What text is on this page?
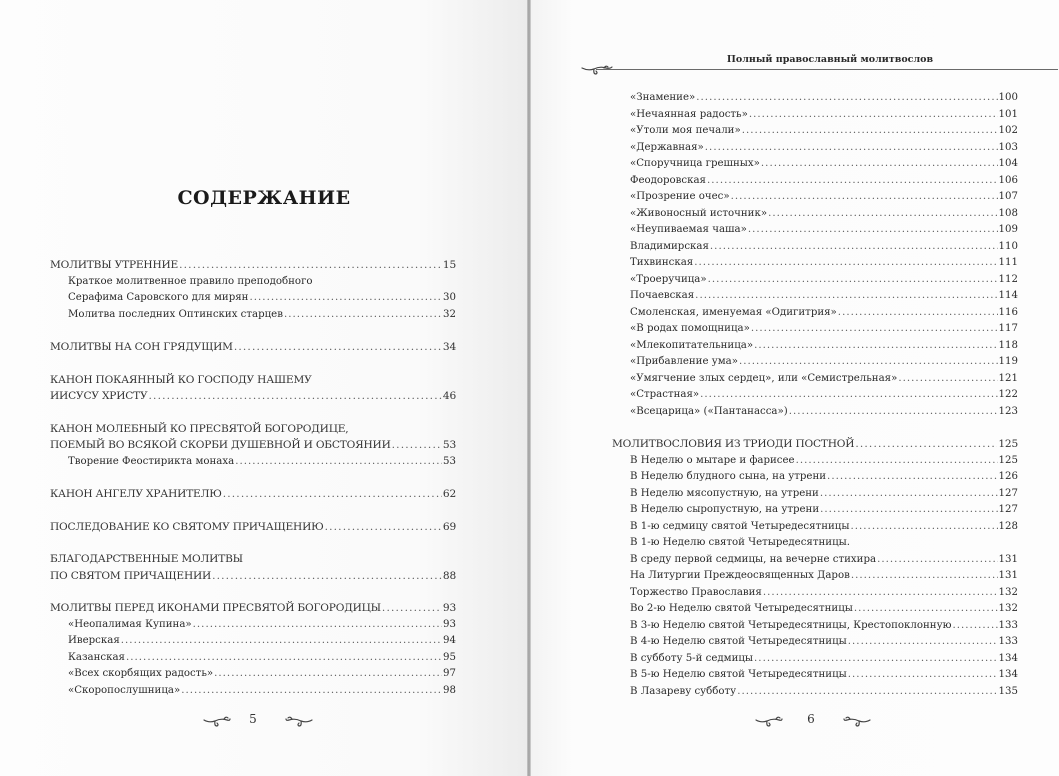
СОДЕРЖАНИЕ
МОЛИТВЫ УТРЕННИЕ . . .	15
Краткое молитвенное правило преподобного
Серафима Саровского для мирян . . .	30
Молитва последних Оптинских старцев . . .	32
МОЛИТВЫ НА СОН ГРЯДУЩИМ . . .	34
КАНОН ПОКАЯННЫЙ КО ГОСПОДУ НАШЕМУ
ИИСУСУ ХРИСТУ . . .	46
КАНОН МОЛЕБНЫЙ КО ПРЕСВЯТОЙ БОГОРОДИЦЕ,
ПОЕМЫЙ ВО ВСЯКОЙ СКОРБИ ДУШЕВНОЙ И ОБСТОЯНИИ . . .	53
Творение Феостирикта монаха . . .	53
КАНОН АНГЕЛУ ХРАНИТЕЛЮ . . .	62
ПОСЛЕДОВАНИЕ КО СВЯТОМУ ПРИЧАЩЕНИЮ . . .	69
БЛАГОДАРСТВЕННЫЕ МОЛИТВЫ
ПО СВЯТОМ ПРИЧАЩЕНИИ . . .	88
МОЛИТВЫ ПЕРЕД ИКОНАМИ ПРЕСВЯТОЙ БОГОРОДИЦЫ . . .	93
«Неопалимая Купина» . . .	93
Иверская . . .	94
Казанская . . .	95
«Всех скорбящих радость» . . .	97
«Скоропослушница» . . .	98
Полный православный молитвослов
«Знамение» . . .	100
«Нечаянная радость» . . .	101
«Утоли моя печали» . . .	102
«Державная» . . .	103
«Споручница грешных» . . .	104
Феодоровская . . .	106
«Прозрение очес» . . .	107
«Живоносный источник» . . .	108
«Неупиваемая чаша» . . .	109
Владимирская . . .	110
Тихвинская . . .	111
«Троеручица» . . .	112
Почаевская . . .	114
Смоленская, именуемая «Одигитрия» . . .	116
«В родах помощница» . . .	117
«Млекопитательница» . . .	118
«Прибавление ума» . . .	119
«Умягчение злых сердец», или «Семистрельная» . . .	121
«Страстная» . . .	122
«Всецарица» («Пантанасса») . . .	123
МОЛИТВОСЛОВИЯ ИЗ ТРИОДИ ПОСТНОЙ . . .	125
В Неделю о мытаре и фарисее . . .	125
В Неделю блудного сына, на утрени . . .	126
В Неделю мясопустную, на утрени . . .	127
В Неделю сыропустную, на утрени . . .	127
В 1-ю седмицу святой Четыредесятницы . . .	128
В 1-ю Неделю святой Четыредесятницы.
В среду первой седмицы, на вечерне стихира . . .	131
На Литургии Преждеосвященных Даров . . .	131
Торжество Православия . . .	132
Во 2-ю Неделю святой Четыредесятницы . . .	132
В 3-ю Неделю святой Четыредесятницы, Крестопоклонную . . .	133
В 4-ю Неделю святой Четыредесятницы . . .	133
В субботу 5-й седмицы . . .	134
В 5-ю Неделю святой Четыредесятницы . . .	134
В Лазареву субботу . . .	135
5	6
